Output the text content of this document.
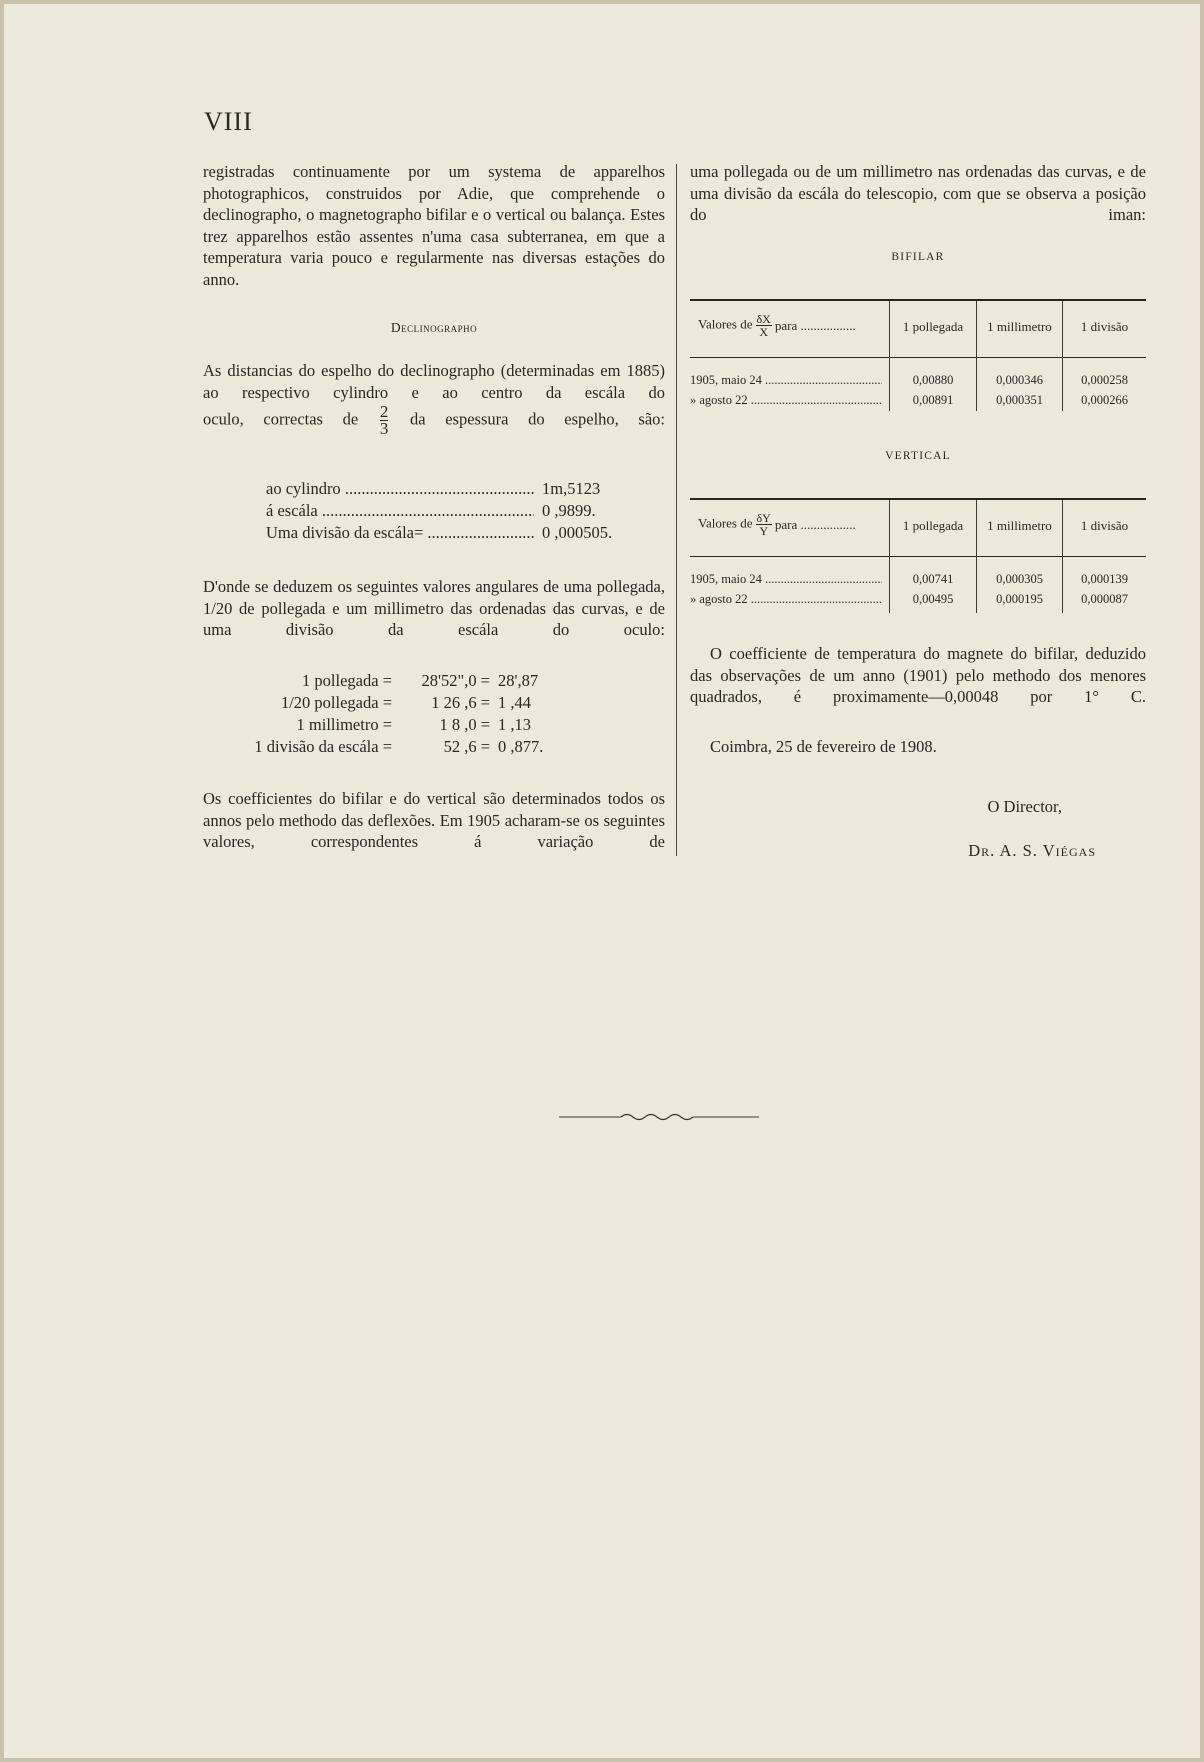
VIII
registradas continuamente por um systema de apparelhos photographicos, construidos por Adie, que comprehende o declinographo, o magnetographo bifilar e o vertical ou balança. Estes trez apparelhos estão assentes n'uma casa subterranea, em que a temperatura varia pouco e regularmente nas diversas estações do anno.
Declinographo
As distancias do espelho do declinographo (determinadas em 1885) ao respectivo cylindro e ao centro da escála do
oculo, correctas de $\frac{2}{3}$ da espessura do espelho, são:
ao cylindro .....	1m,5123
á escála .....	0 ,9899.
Uma divisão da escála= .....	0 ,000505.
D'onde se deduzem os seguintes valores angulares de uma pollegada, 1/20 de pollegada e um millimetro das ordenadas das curvas, e de uma divisão da escála do oculo:
1 pollegada =	28'52",0 = 28',87
1/20 pollegada =	1 26 ,6 = 1 ,44
1 millimetro =	1 8 ,0 = 1 ,13
1 divisão da escála =	52 ,6 = 0 ,877.
Os coefficientes do bifilar e do vertical são determinados todos os annos pelo methodo das deflexões. Em 1905 acharam-se os seguintes valores, correspondentes á variação de
uma pollegada ou de um millimetro nas ordenadas das curvas, e de uma divisão da escála do telescopio, com que se observa a posição do iman:
BIFILAR
Valores de $\frac{\delta X}{X}$ para .....	1 pollegada	1 millimetro	1 divisão
1905, maio 24 .....	0,00880	0,000346	0,000258
» agosto 22 .....	0,00891	0,000351	0,000266
VERTICAL
Valores de $\frac{\delta Y}{Y}$ para .....	1 pollegada	1 millimetro	1 divisão
1905, maio 24 .....	0,00741	0,000305	0,000139
» agosto 22 .....	0,00495	0,000195	0,000087
O coefficiente de temperatura do magnete do bifilar, deduzido das observações de um anno (1901) pelo methodo dos menores quadrados, é proximamente—0,00048 por 1° C.
Coimbra, 25 de fevereiro de 1908.
O Director,
Dr. A. S. Viégas
